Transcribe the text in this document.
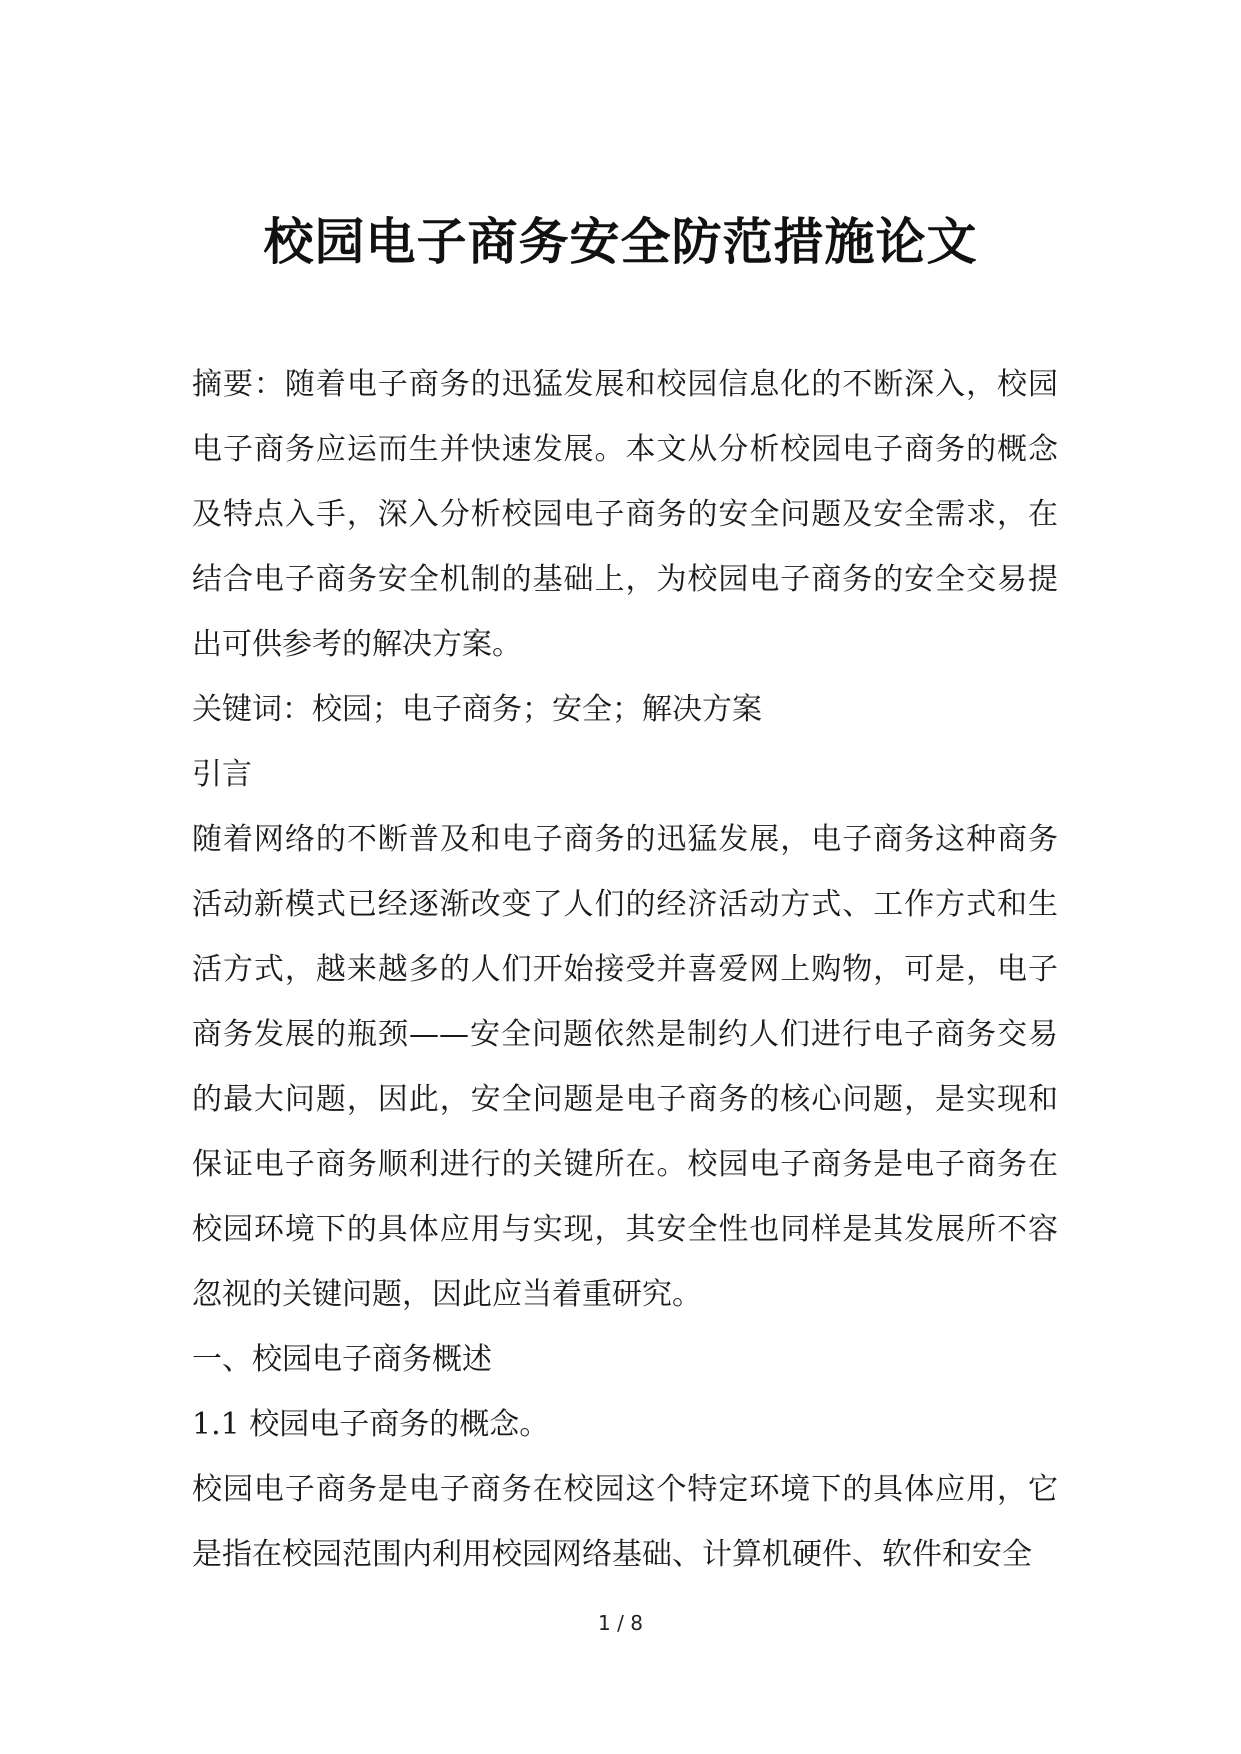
校园电子商务安全防范措施论文

摘要：随着电子商务的迅猛发展和校园信息化的不断深入，校园电子商务应运而生并快速发展。本文从分析校园电子商务的概念及特点入手，深入分析校园电子商务的安全问题及安全需求，在结合电子商务安全机制的基础上，为校园电子商务的安全交易提出可供参考的解决方案。

关键词：校园；电子商务；安全；解决方案

引言

随着网络的不断普及和电子商务的迅猛发展，电子商务这种商务活动新模式已经逐渐改变了人们的经济活动方式、工作方式和生活方式，越来越多的人们开始接受并喜爱网上购物，可是，电子商务发展的瓶颈——安全问题依然是制约人们进行电子商务交易的最大问题，因此，安全问题是电子商务的核心问题，是实现和保证电子商务顺利进行的关键所在。校园电子商务是电子商务在校园环境下的具体应用与实现，其安全性也同样是其发展所不容忽视的关键问题，因此应当着重研究。

一、校园电子商务概述

1.1 校园电子商务的概念。

校园电子商务是电子商务在校园这个特定环境下的具体应用，它是指在校园范围内利用校园网络基础、计算机硬件、软件和安全

1 / 8
